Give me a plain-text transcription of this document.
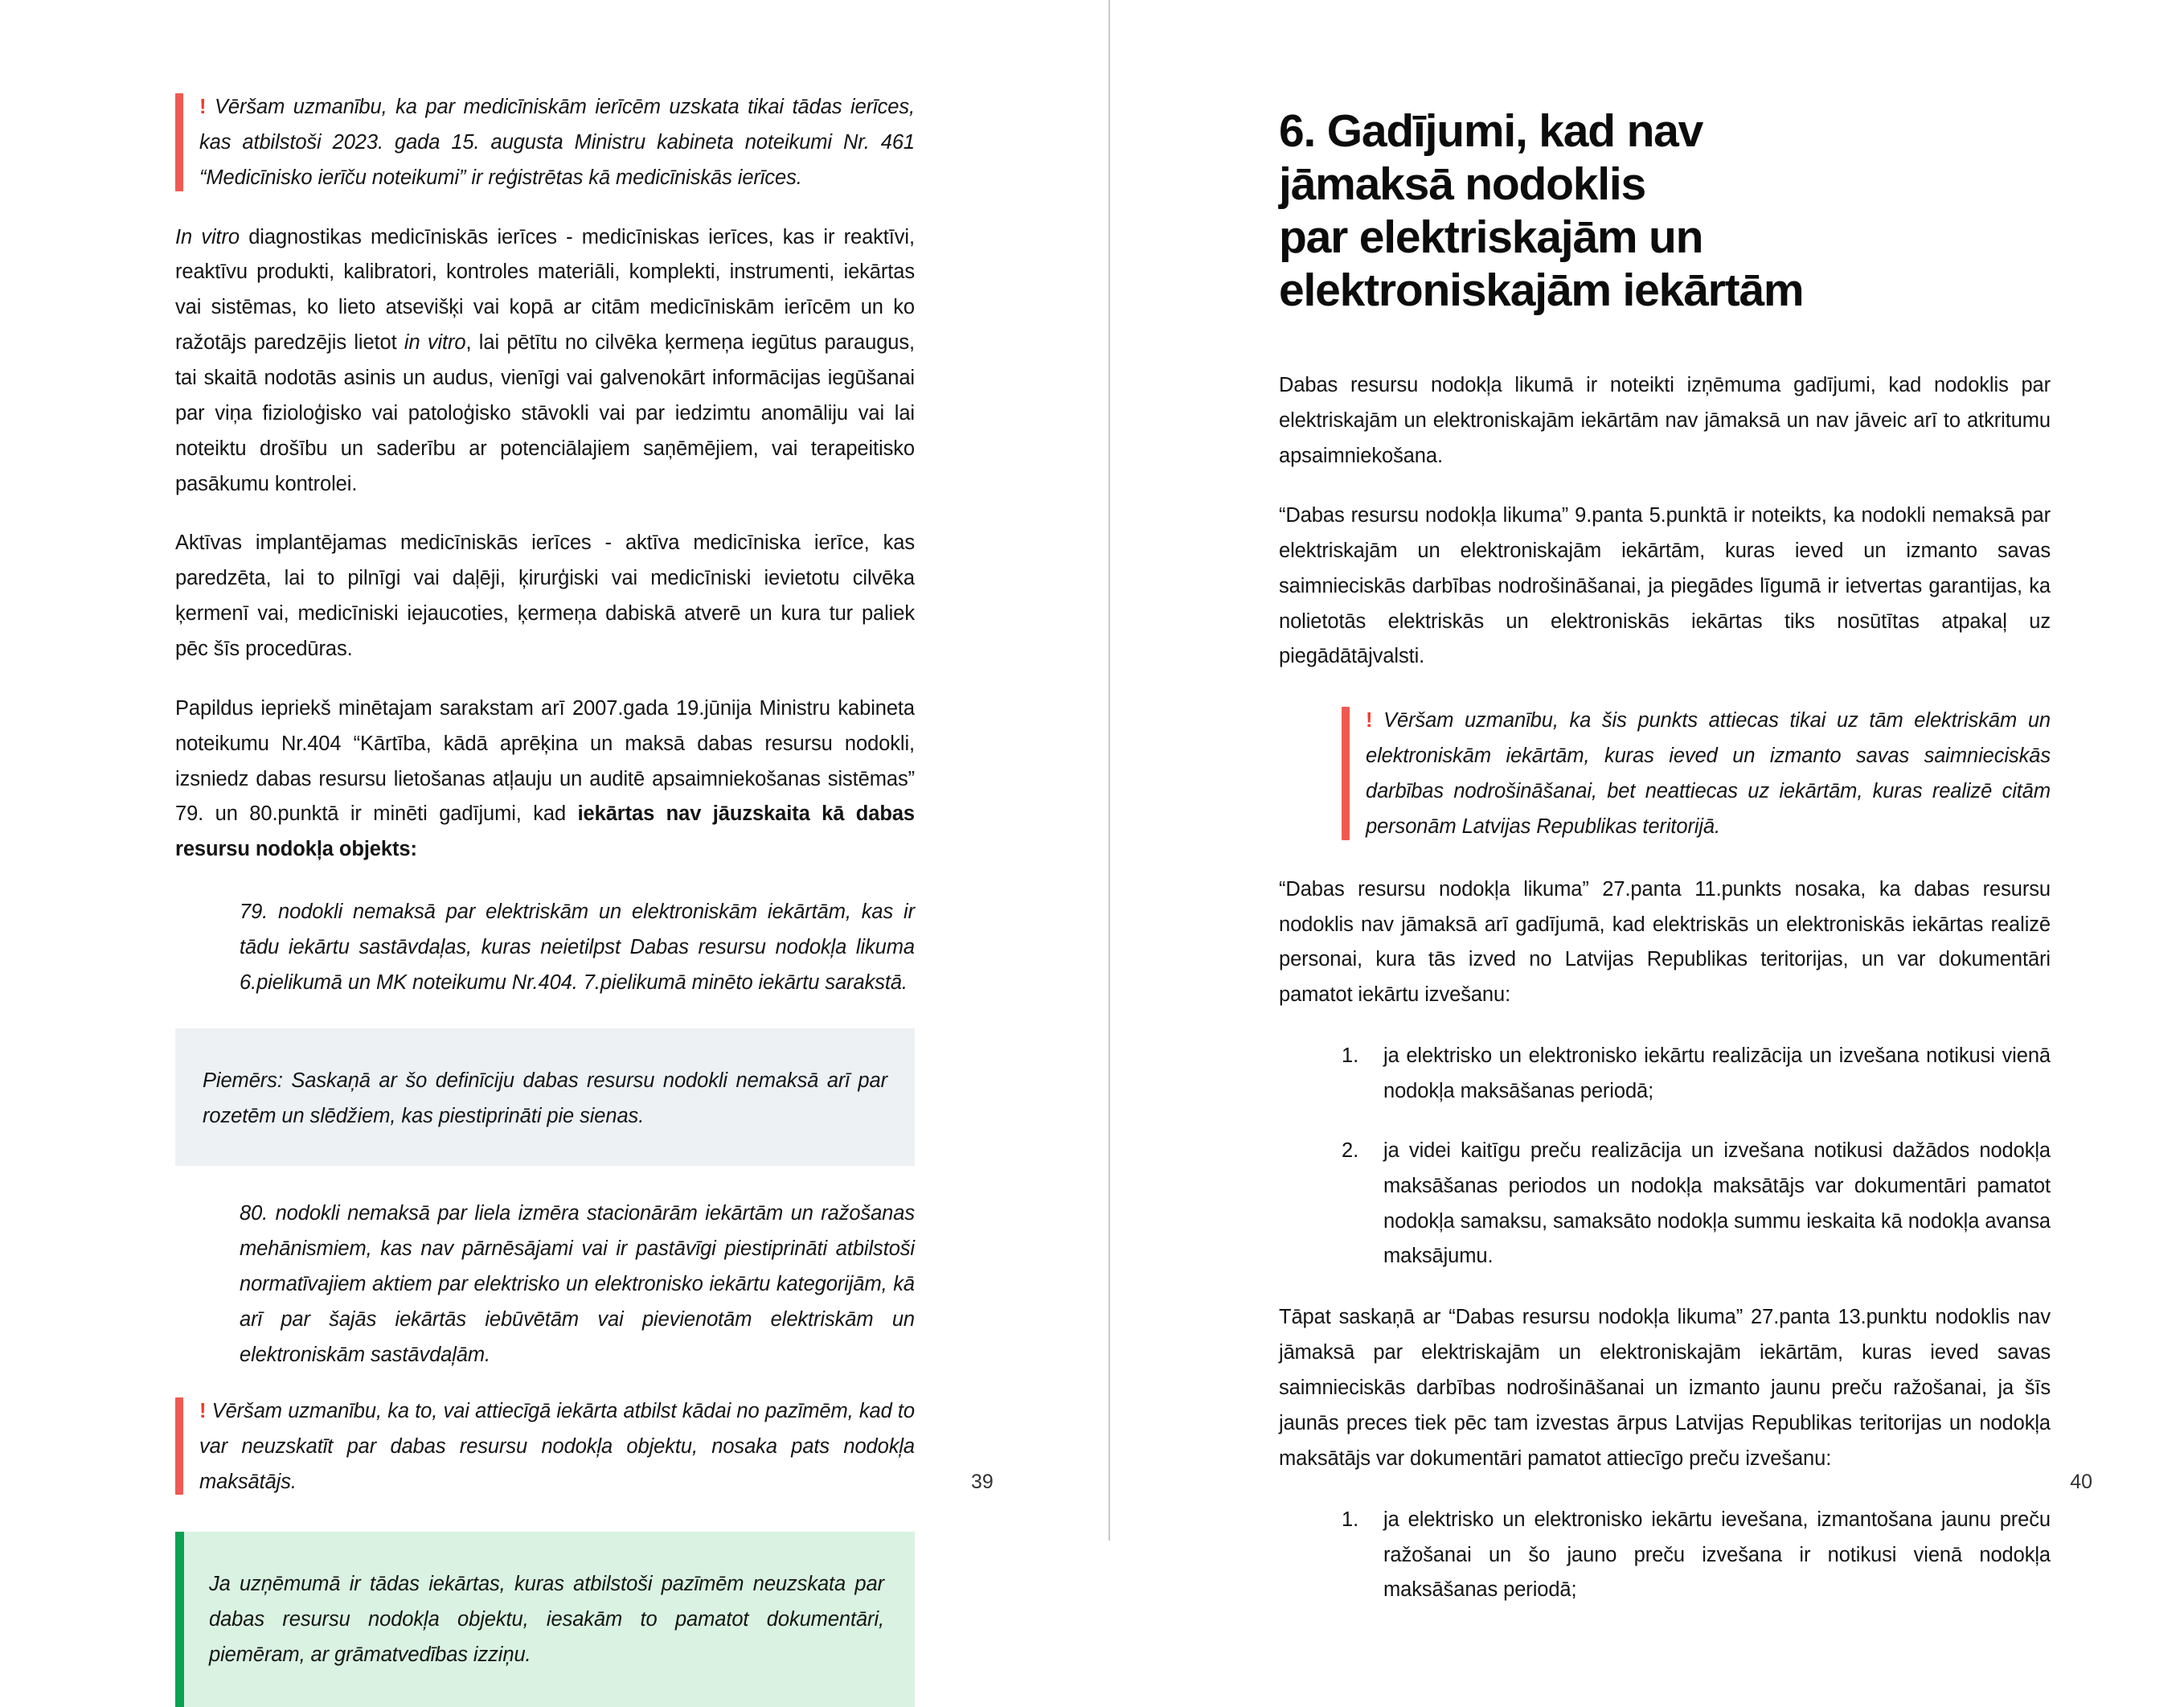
! Vēršam uzmanību, ka par medicīniskām ierīcēm uzskata tikai tādas ierīces, kas atbilstoši 2023. gada 15. augusta Ministru kabineta noteikumi Nr. 461 “Medicīnisko ierīču noteikumi” ir reģistrētas kā medicīniskās ierīces.

In vitro diagnostikas medicīniskās ierīces - medicīniskas ierīces, kas ir reaktīvi, reaktīvu produkti, kalibratori, kontroles materiāli, komplekti, instrumenti, iekārtas vai sistēmas, ko lieto atsevišķi vai kopā ar citām medicīniskām ierīcēm un ko ražotājs paredzējis lietot in vitro, lai pētītu no cilvēka ķermeņa iegūtus paraugus, tai skaitā nodotās asinis un audus, vienīgi vai galvenokārt informācijas iegūšanai par viņa fizioloģisko vai patoloģisko stāvokli vai par iedzimtu anomāliju vai lai noteiktu drošību un saderību ar potenciālajiem saņēmējiem, vai terapeitisko pasākumu kontrolei.

Aktīvas implantējamas medicīniskās ierīces - aktīva medicīniska ierīce, kas paredzēta, lai to pilnīgi vai daļēji, ķirurģiski vai medicīniski ievietotu cilvēka ķermenī vai, medicīniski iejaucoties, ķermeņa dabiskā atverē un kura tur paliek pēc šīs procedūras.

Papildus iepriekš minētajam sarakstam arī 2007.gada 19.jūnija Ministru kabineta noteikumu Nr.404 “Kārtība, kādā aprēķina un maksā dabas resursu nodokli, izsniedz dabas resursu lietošanas atļauju un auditē apsaimniekošanas sistēmas” 79. un 80.punktā ir minēti gadījumi, kad iekārtas nav jāuzskaita kā dabas resursu nodokļa objekts:

79. nodokli nemaksā par elektriskām un elektroniskām iekārtām, kas ir tādu iekārtu sastāvdaļas, kuras neietilpst Dabas resursu nodokļa likuma 6.pielikumā un MK noteikumu Nr.404. 7.pielikumā minēto iekārtu sarakstā.

Piemērs: Saskaņā ar šo definīciju dabas resursu nodokli nemaksā arī par rozetēm un slēdžiem, kas piestiprināti pie sienas.

80. nodokli nemaksā par liela izmēra stacionārām iekārtām un ražošanas mehānismiem, kas nav pārnēsājami vai ir pastāvīgi piestiprināti atbilstoši normatīvajiem aktiem par elektrisko un elektronisko iekārtu kategorijām, kā arī par šajās iekārtās iebūvētām vai pievienotām elektriskām un elektroniskām sastāvdaļām.

! Vēršam uzmanību, ka to, vai attiecīgā iekārta atbilst kādai no pazīmēm, kad to var neuzskatīt par dabas resursu nodokļa objektu, nosaka pats nodokļa maksātājs.

Ja uzņēmumā ir tādas iekārtas, kuras atbilstoši pazīmēm neuzskata par dabas resursu nodokļa objektu, iesakām to pamatot dokumentāri, piemēram, ar grāmatvedības izziņu.

39
6. Gadījumi, kad nav
jāmaksā nodoklis
par elektriskajām un
elektroniskajām iekārtām

Dabas resursu nodokļa likumā ir noteikti izņēmuma gadījumi, kad nodoklis par elektriskajām un elektroniskajām iekārtām nav jāmaksā un nav jāveic arī to atkritumu apsaimniekošana.

“Dabas resursu nodokļa likuma” 9.panta 5.punktā ir noteikts, ka nodokli nemaksā par elektriskajām un elektroniskajām iekārtām, kuras ieved un izmanto savas saimnieciskās darbības nodrošināšanai, ja piegādes līgumā ir ietvertas garantijas, ka nolietotās elektriskās un elektroniskās iekārtas tiks nosūtītas atpakaļ uz piegādātājvalsti.

! Vēršam uzmanību, ka šis punkts attiecas tikai uz tām elektriskām un elektroniskām iekārtām, kuras ieved un izmanto savas saimnieciskās darbības nodrošināšanai, bet neattiecas uz iekārtām, kuras realizē citām personām Latvijas Republikas teritorijā.

“Dabas resursu nodokļa likuma” 27.panta 11.punkts nosaka, ka dabas resursu nodoklis nav jāmaksā arī gadījumā, kad elektriskās un elektroniskās iekārtas realizē personai, kura tās izved no Latvijas Republikas teritorijas, un var dokumentāri pamatot iekārtu izvešanu:

ja elektrisko un elektronisko iekārtu realizācija un izvešana notikusi vienā nodokļa maksāšanas periodā;
ja videi kaitīgu preču realizācija un izvešana notikusi dažādos nodokļa maksāšanas periodos un nodokļa maksātājs var dokumentāri pamatot nodokļa samaksu, samaksāto nodokļa summu ieskaita kā nodokļa avansa maksājumu.

Tāpat saskaņā ar “Dabas resursu nodokļa likuma” 27.panta 13.punktu nodoklis nav jāmaksā par elektriskajām un elektroniskajām iekārtām, kuras ieved savas saimnieciskās darbības nodrošināšanai un izmanto jaunu preču ražošanai, ja šīs jaunās preces tiek pēc tam izvestas ārpus Latvijas Republikas teritorijas un nodokļa maksātājs var dokumentāri pamatot attiecīgo preču izvešanu:

ja elektrisko un elektronisko iekārtu ievešana, izmantošana jaunu preču ražošanai un šo jauno preču izvešana ir notikusi vienā nodokļa maksāšanas periodā;
40
